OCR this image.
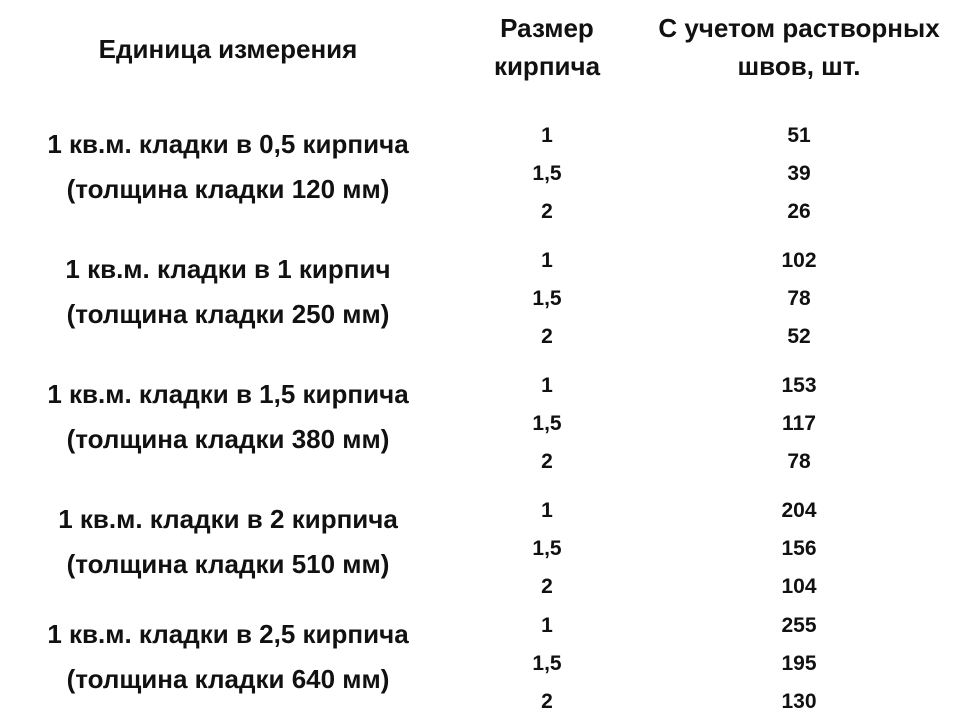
Единица измерения
Размер
кирпича
С учетом растворных
швов, шт.
1 кв.м. кладки в 0,5 кирпича
(толщина кладки 120 мм)
1
1,5
2
51
39
26
1 кв.м. кладки в 1 кирпич
(толщина кладки 250 мм)
1
1,5
2
102
78
52
1 кв.м. кладки в 1,5 кирпича
(толщина кладки 380 мм)
1
1,5
2
153
117
78
1 кв.м. кладки в 2 кирпича
(толщина кладки 510 мм)
1
1,5
2
204
156
104
1 кв.м. кладки в 2,5 кирпича
(толщина кладки 640 мм)
1
1,5
2
255
195
130
